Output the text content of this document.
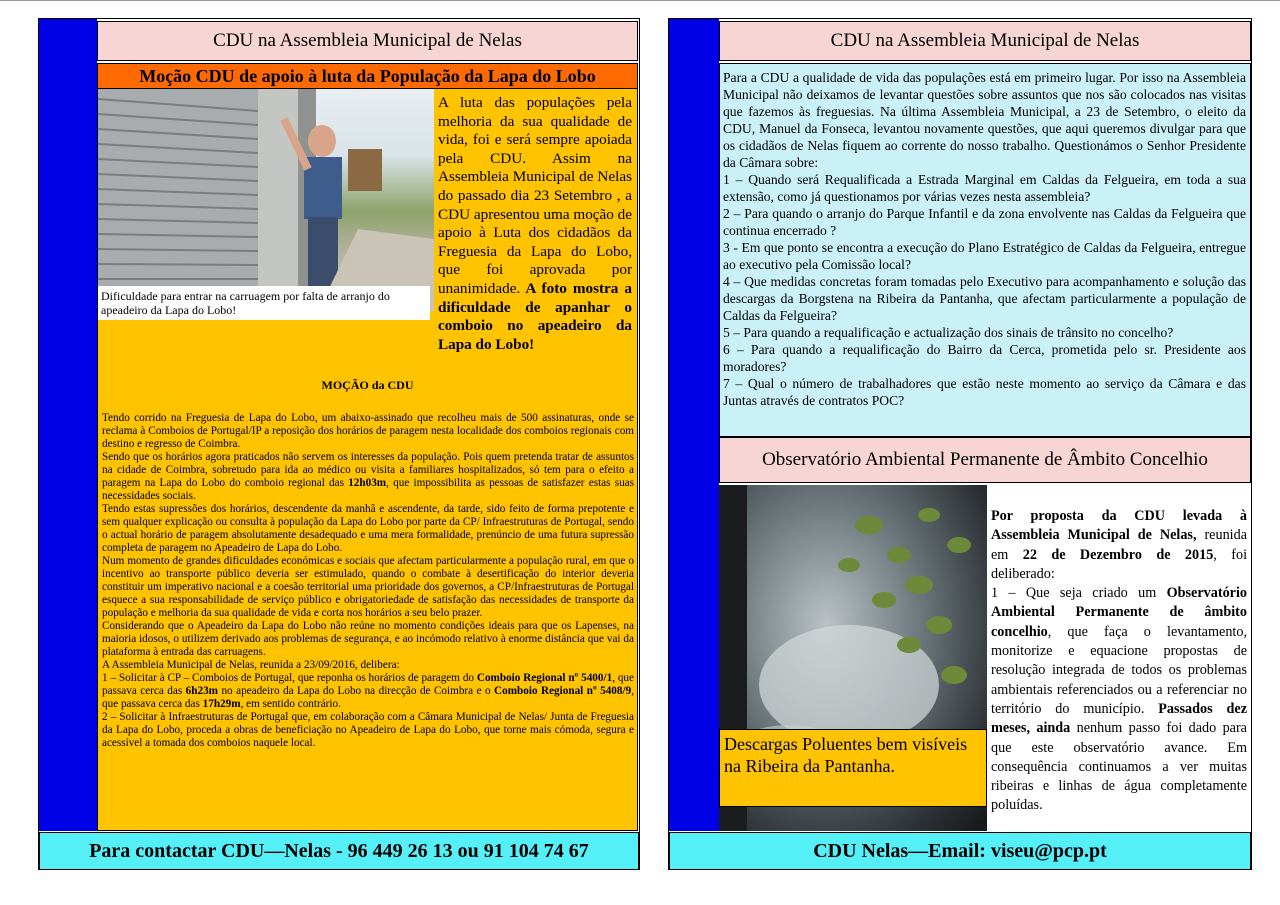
CDU na Assembleia Municipal de Nelas
Moção CDU de apoio à luta da População da Lapa do Lobo
Dificuldade para entrar na carruagem por falta de arranjo do apeadeiro da Lapa do Lobo!
A luta das populações pela melhoria da sua qualidade de vida, foi e será sempre apoiada pela CDU. Assim na Assembleia Municipal de Nelas do passado dia 23 Setembro , a CDU apresentou uma moção de apoio à Luta dos cidadãos da Freguesia da Lapa do Lobo, que foi aprovada por unanimidade. A foto mostra a dificuldade de apanhar o comboio no apeadeiro da Lapa do Lobo!
MOÇÃO da CDU

Tendo corrido na Freguesia de Lapa do Lobo, um abaixo-assinado que recolheu mais de 500 assinaturas, onde se reclama à Comboios de Portugal/IP a reposição dos horários de paragem nesta localidade dos comboios regionais com destino e regresso de Coimbra.

Sendo que os horários agora praticados não servem os interesses da população. Pois quem pretenda tratar de assuntos na cidade de Coimbra, sobretudo para ida ao médico ou visita a familiares hospitalizados, só tem para o efeito a paragem na Lapa do Lobo do comboio regional das 12h03m, que impossibilita as pessoas de satisfazer estas suas necessidades sociais.

Tendo estas supressões dos horários, descendente da manhã e ascendente, da tarde, sido feito de forma prepotente e sem qualquer explicação ou consulta à população da Lapa do Lobo por parte da CP/ Infraestruturas de Portugal, sendo o actual horário de paragem absolutamente desadequado e uma mera formalidade, prenúncio de uma futura supressão completa de paragem no Apeadeiro de Lapa do Lobo.

Num momento de grandes dificuldades económicas e sociais que afectam particularmente a população rural, em que o incentivo ao transporte público deveria ser estimulado, quando o combate à desertificação do interior deveria constituir um imperativo nacional e a coesão territorial uma prioridade dos governos, a CP/Infraestruturas de Portugal esquece a sua responsabilidade de serviço público e obrigatoriedade de satisfação das necessidades de transporte da população e melhoria da sua qualidade de vida e corta nos horários a seu belo prazer.

Considerando que o Apeadeiro da Lapa do Lobo não reúne no momento condições ideais para que os Lapenses, na maioria idosos, o utilizem derivado aos problemas de segurança, e ao incómodo relativo à enorme distância que vai da plataforma à entrada das carruagens.

A Assembleia Municipal de Nelas, reunida a 23/09/2016, delibera:

1 – Solicitar à CP – Comboios de Portugal, que reponha os horários de paragem do Comboio Regional nº 5400/1, que passava cerca das 6h23m no apeadeiro da Lapa do Lobo na direcção de Coimbra e o Comboio Regional nº 5408/9, que passava cerca das 17h29m, em sentido contrário.

2 – Solicitar à Infraestruturas de Portugal que, em colaboração com a Câmara Municipal de Nelas/ Junta de Freguesia da Lapa do Lobo, proceda a obras de beneficiação no Apeadeiro de Lapa do Lobo, que torne mais cómoda, segura e acessível a tomada dos comboios naquele local.

Para contactar CDU—Nelas - 96 449 26 13 ou 91 104 74 67
CDU na Assembleia Municipal de Nelas

Para a CDU a qualidade de vida das populações está em primeiro lugar. Por isso na Assembleia Municipal não deixamos de levantar questões sobre assuntos que nos são colocados nas visitas que fazemos às freguesias. Na última Assembleia Municipal, a 23 de Setembro, o eleito da CDU, Manuel da Fonseca, levantou novamente questões, que aqui queremos divulgar para que os cidadãos de Nelas fiquem ao corrente do nosso trabalho. Questionámos o Senhor Presidente da Câmara sobre:

1 – Quando será Requalificada a Estrada Marginal em Caldas da Felgueira, em toda a sua extensão, como já questionamos por várias vezes nesta assembleia?

2 – Para quando o arranjo do Parque Infantil e da zona envolvente nas Caldas da Felgueira que continua encerrado ?

3 - Em que ponto se encontra a execução do Plano Estratégico de Caldas da Felgueira, entregue ao executivo pela Comissão local?

4 – Que medidas concretas foram tomadas pelo Executivo para acompanhamento e solução das descargas da Borgstena na Ribeira da Pantanha, que afectam particularmente a população de Caldas da Felgueira?

5 – Para quando a requalificação e actualização dos sinais de trânsito no concelho?

6 – Para quando a requalificação do Bairro da Cerca, prometida pelo sr. Presidente aos moradores?

7 – Qual o número de trabalhadores que estão neste momento ao serviço da Câmara e das Juntas através de contratos POC?

Observatório Ambiental Permanente de Âmbito Concelhio
Descargas Poluentes bem visíveis na Ribeira da Pantanha.
Por proposta da CDU levada à Assembleia Municipal de Nelas, reunida em 22 de Dezembro de 2015, foi deliberado:
1 – Que seja criado um Observatório Ambiental Permanente de âmbito concelhio, que faça o levantamento, monitorize e equacione propostas de resolução integrada de todos os problemas ambientais referenciados ou a referenciar no território do município. Passados dez meses, ainda nenhum passo foi dado para que este observatório avance. Em consequência continuamos a ver muitas ribeiras e linhas de água completamente poluídas.
CDU Nelas—Email: viseu@pcp.pt
